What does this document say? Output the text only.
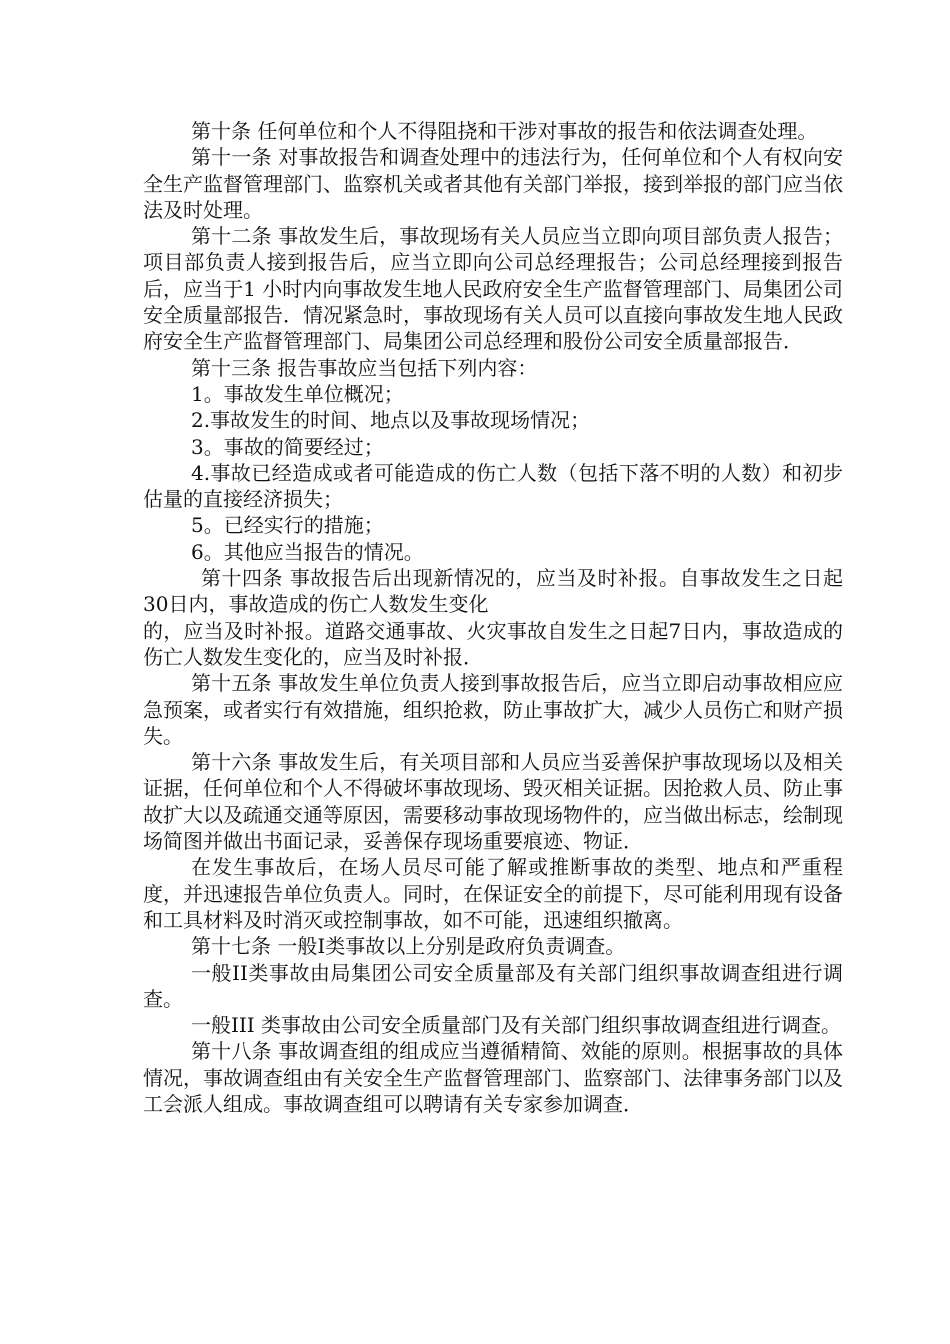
第十条 任何单位和个人不得阻挠和干涉对事故的报告和依法调查处理。

第十一条 对事故报告和调查处理中的违法行为，任何单位和个人有权向安全生产监督管理部门、监察机关或者其他有关部门举报，接到举报的部门应当依法及时处理。

第十二条 事故发生后，事故现场有关人员应当立即向项目部负责人报告；项目部负责人接到报告后，应当立即向公司总经理报告；公司总经理接到报告后，应当于1 小时内向事故发生地人民政府安全生产监督管理部门、局集团公司安全质量部报告．情况紧急时，事故现场有关人员可以直接向事故发生地人民政府安全生产监督管理部门、局集团公司总经理和股份公司安全质量部报告．

第十三条 报告事故应当包括下列内容：

1。事故发生单位概况；

2.事故发生的时间、地点以及事故现场情况；

3。事故的简要经过；

4.事故已经造成或者可能造成的伤亡人数（包括下落不明的人数）和初步估量的直接经济损失；

5。已经实行的措施；

6。其他应当报告的情况。

第十四条 事故报告后出现新情况的，应当及时补报。自事故发生之日起30日内，事故造成的伤亡人数发生变化

的，应当及时补报。道路交通事故、火灾事故自发生之日起7日内，事故造成的伤亡人数发生变化的，应当及时补报．

第十五条 事故发生单位负责人接到事故报告后，应当立即启动事故相应应急预案，或者实行有效措施，组织抢救，防止事故扩大，减少人员伤亡和财产损失。

第十六条 事故发生后，有关项目部和人员应当妥善保护事故现场以及相关证据，任何单位和个人不得破坏事故现场、毁灭相关证据。因抢救人员、防止事故扩大以及疏通交通等原因，需要移动事故现场物件的，应当做出标志，绘制现场简图并做出书面记录，妥善保存现场重要痕迹、物证．

在发生事故后，在场人员尽可能了解或推断事故的类型、地点和严重程度，并迅速报告单位负责人。同时，在保证安全的前提下，尽可能利用现有设备和工具材料及时消灭或控制事故，如不可能，迅速组织撤离。

第十七条 一般I类事故以上分别是政府负责调查。

一般II类事故由局集团公司安全质量部及有关部门组织事故调查组进行调查。

一般III 类事故由公司安全质量部门及有关部门组织事故调查组进行调查。

第十八条 事故调查组的组成应当遵循精简、效能的原则。根据事故的具体情况，事故调查组由有关安全生产监督管理部门、监察部门、法律事务部门以及工会派人组成。事故调查组可以聘请有关专家参加调查．
